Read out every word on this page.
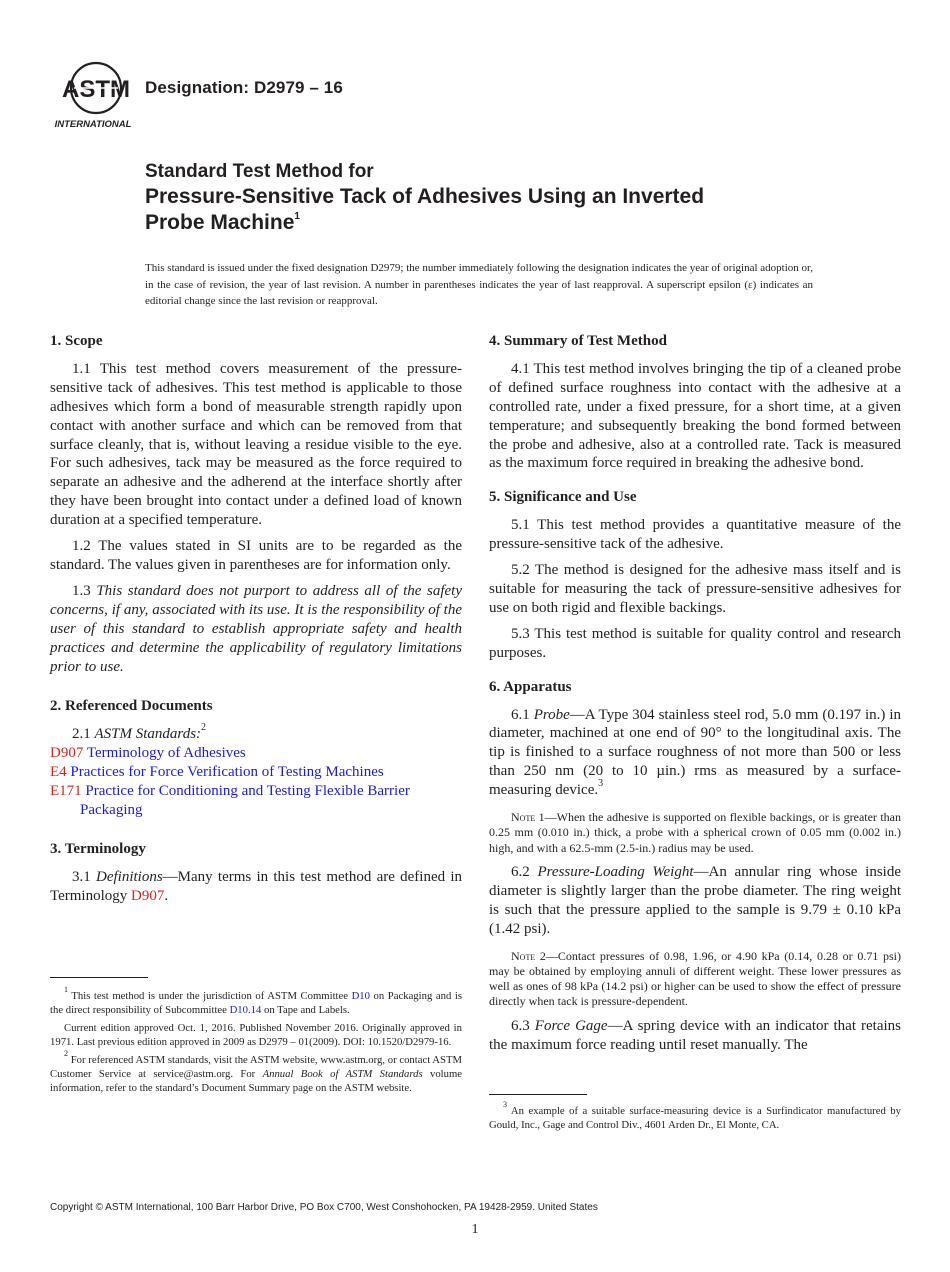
ASTM
INTERNATIONAL
Designation: D2979 – 16
Standard Test Method for
Pressure-Sensitive Tack of Adhesives Using an Inverted
Probe Machine$^1$
This standard is issued under the fixed designation D2979; the number immediately following the designation indicates the year of original adoption or, in the case of revision, the year of last revision. A number in parentheses indicates the year of last reapproval. A superscript epsilon (ε) indicates an editorial change since the last revision or reapproval.
1. Scope

1.1 This test method covers measurement of the pressure-sensitive tack of adhesives. This test method is applicable to those adhesives which form a bond of measurable strength rapidly upon contact with another surface and which can be removed from that surface cleanly, that is, without leaving a residue visible to the eye. For such adhesives, tack may be measured as the force required to separate an adhesive and the adherend at the interface shortly after they have been brought into contact under a defined load of known duration at a specified temperature.

1.2 The values stated in SI units are to be regarded as the standard. The values given in parentheses are for information only.

1.3 This standard does not purport to address all of the safety concerns, if any, associated with its use. It is the responsibility of the user of this standard to establish appropriate safety and health practices and determine the applicability of regulatory limitations prior to use.

2. Referenced Documents

2.1 ASTM Standards:$^2$

D907 Terminology of Adhesives
E4 Practices for Force Verification of Testing Machines
E171 Practice for Conditioning and Testing Flexible Barrier Packaging
3. Terminology

3.1 Definitions—Many terms in this test method are defined in Terminology D907.

4. Summary of Test Method

4.1 This test method involves bringing the tip of a cleaned probe of defined surface roughness into contact with the adhesive at a controlled rate, under a fixed pressure, for a short time, at a given temperature; and subsequently breaking the bond formed between the probe and adhesive, also at a controlled rate. Tack is measured as the maximum force required in breaking the adhesive bond.

5. Significance and Use

5.1 This test method provides a quantitative measure of the pressure-sensitive tack of the adhesive.

5.2 The method is designed for the adhesive mass itself and is suitable for measuring the tack of pressure-sensitive adhesives for use on both rigid and flexible backings.

5.3 This test method is suitable for quality control and research purposes.

6. Apparatus

6.1 Probe—A Type 304 stainless steel rod, 5.0 mm (0.197 in.) in diameter, machined at one end of 90° to the longitudinal axis. The tip is finished to a surface roughness of not more than 500 or less than 250 nm (20 to 10 µin.) rms as measured by a surface-measuring device.$^3$

Note 1—When the adhesive is supported on flexible backings, or is greater than 0.25 mm (0.010 in.) thick, a probe with a spherical crown of 0.05 mm (0.002 in.) high, and with a 62.5-mm (2.5-in.) radius may be used.

6.2 Pressure-Loading Weight—An annular ring whose inside diameter is slightly larger than the probe diameter. The ring weight is such that the pressure applied to the sample is 9.79 ± 0.10 kPa (1.42 psi).

Note 2—Contact pressures of 0.98, 1.96, or 4.90 kPa (0.14, 0.28 or 0.71 psi) may be obtained by employing annuli of different weight. These lower pressures as well as ones of 98 kPa (14.2 psi) or higher can be used to show the effect of pressure directly when tack is pressure-dependent.

6.3 Force Gage—A spring device with an indicator that retains the maximum force reading until reset manually. The

$^1$ This test method is under the jurisdiction of ASTM Committee D10 on Packaging and is the direct responsibility of Subcommittee D10.14 on Tape and Labels.

Current edition approved Oct. 1, 2016. Published November 2016. Originally approved in 1971. Last previous edition approved in 2009 as D2979 – 01(2009). DOI: 10.1520/D2979-16.

$^2$ For referenced ASTM standards, visit the ASTM website, www.astm.org, or contact ASTM Customer Service at service@astm.org. For Annual Book of ASTM Standards volume information, refer to the standard’s Document Summary page on the ASTM website.

$^3$ An example of a suitable surface-measuring device is a Surfindicator manufactured by Gould, Inc., Gage and Control Div., 4601 Arden Dr., El Monte, CA.

Copyright © ASTM International, 100 Barr Harbor Drive, PO Box C700, West Conshohocken, PA 19428-2959. United States
1
